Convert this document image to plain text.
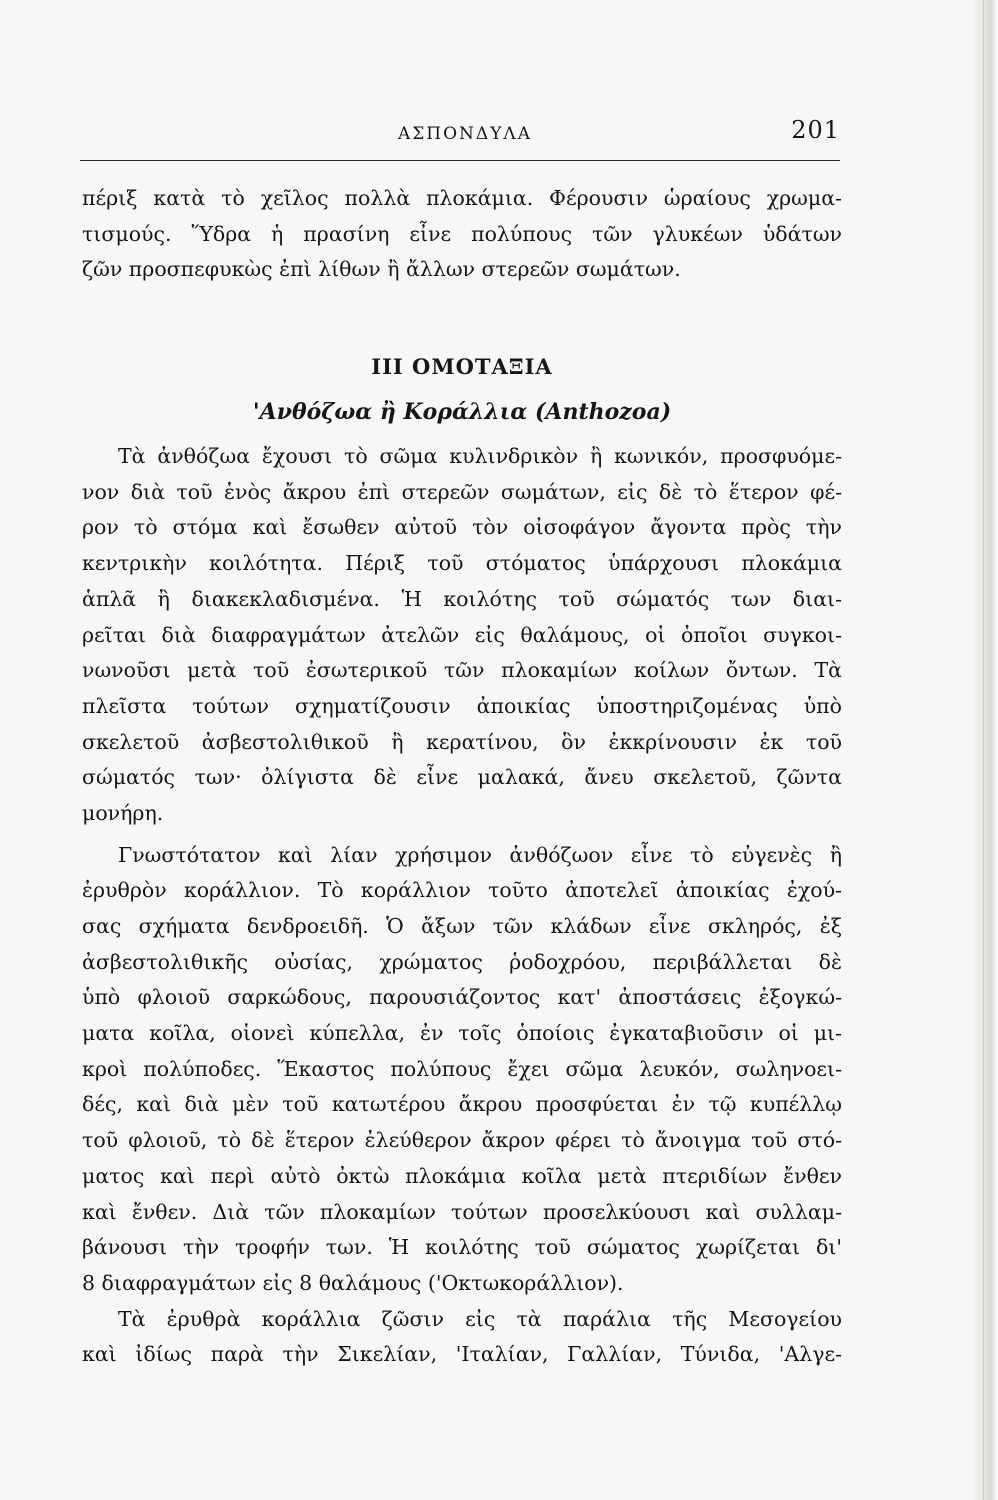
ΑΣΠΟΝΔΥΛΑ	201
πέριξ κατὰ τὸ χεῖλος πολλὰ πλοκάμια. Φέρουσιν ὡραίους χρωμα-
τισμούς. Ὕδρα ἡ πρασίνη εἶνε πολύπους τῶν γλυκέων ὑδάτων
ζῶν προσπεφυκὼς ἐπὶ λίθων ἢ ἄλλων στερεῶν σωμάτων.
ΙΙΙ ΟΜΟΤΑΞΙΑ
'Ανθόζωα ἢ Κοράλλια (Anthozoa)
Τὰ ἀνθόζωα ἔχουσι τὸ σῶμα κυλινδρικὸν ἢ κωνικόν, προσφυόμε-
νον διὰ τοῦ ἑνὸς ἄκρου ἐπὶ στερεῶν σωμάτων, εἰς δὲ τὸ ἕτερον φέ-
ρον τὸ στόμα καὶ ἔσωθεν αὐτοῦ τὸν οἰσοφάγον ἄγοντα πρὸς τὴν
κεντρικὴν κοιλότητα. Πέριξ τοῦ στόματος ὑπάρχουσι πλοκάμια
ἁπλᾶ ἢ διακεκλαδισμένα. Ἡ κοιλότης τοῦ σώματός των διαι-
ρεῖται διὰ διαφραγμάτων ἀτελῶν εἰς θαλάμους, οἱ ὁποῖοι συγκοι-
νωνοῦσι μετὰ τοῦ ἐσωτερικοῦ τῶν πλοκαμίων κοίλων ὄντων. Τὰ
πλεῖστα τούτων σχηματίζουσιν ἀποικίας ὑποστηριζομένας ὑπὸ
σκελετοῦ ἀσβεστολιθικοῦ ἢ κερατίνου, ὃν ἐκκρίνουσιν ἐκ τοῦ
σώματός των· ὀλίγιστα δὲ εἶνε μαλακά, ἄνευ σκελετοῦ, ζῶντα
μονήρη.
Γνωστότατον καὶ λίαν χρήσιμον ἀνθόζωον εἶνε τὸ εὐγενὲς ἢ
ἐρυθρὸν κοράλλιον. Τὸ κοράλλιον τοῦτο ἀποτελεῖ ἀποικίας ἐχού-
σας σχήματα δενδροειδῆ. Ὁ ἄξων τῶν κλάδων εἶνε σκληρός, ἐξ
ἀσβεστολιθικῆς οὐσίας, χρώματος ῥοδοχρόου, περιβάλλεται δὲ
ὑπὸ φλοιοῦ σαρκώδους, παρουσιάζοντος κατ' ἀποστάσεις ἐξογκώ-
ματα κοῖλα, οἱονεὶ κύπελλα, ἐν τοῖς ὁποίοις ἐγκαταβιοῦσιν οἱ μι-
κροὶ πολύποδες. Ἕκαστος πολύπους ἔχει σῶμα λευκόν, σωληνοει-
δές, καὶ διὰ μὲν τοῦ κατωτέρου ἄκρου προσφύεται ἐν τῷ κυπέλλῳ
τοῦ φλοιοῦ, τὸ δὲ ἕτερον ἐλεύθερον ἄκρον φέρει τὸ ἄνοιγμα τοῦ στό-
ματος καὶ περὶ αὐτὸ ὀκτὼ πλοκάμια κοῖλα μετὰ πτεριδίων ἔνθεν
καὶ ἔνθεν. Διὰ τῶν πλοκαμίων τούτων προσελκύουσι καὶ συλλαμ-
βάνουσι τὴν τροφήν των. Ἡ κοιλότης τοῦ σώματος χωρίζεται δι'
8 διαφραγμάτων εἰς 8 θαλάμους ('Οκτωκοράλλιον).
Τὰ ἐρυθρὰ κοράλλια ζῶσιν εἰς τὰ παράλια τῆς Μεσογείου
καὶ ἰδίως παρὰ τὴν Σικελίαν, 'Ιταλίαν, Γαλλίαν, Τύνιδα, 'Αλγε-
